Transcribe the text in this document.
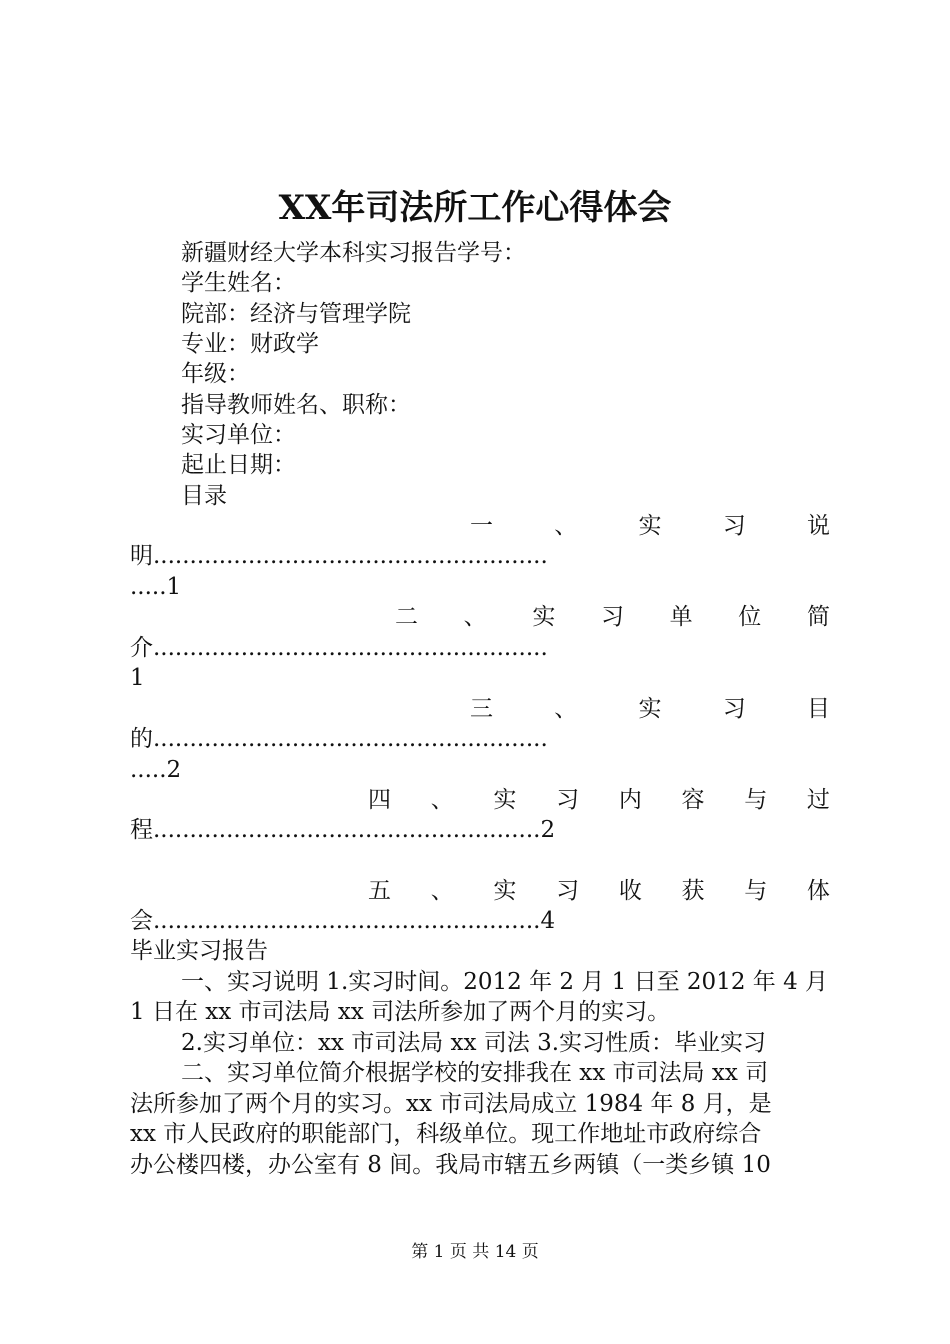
XX年司法所工作心得体会
新疆财经大学本科实习报告学号：
学生姓名：
院部：经济与管理学院
专业：财政学
年级：
指导教师姓名、职称：
实习单位：
起止日期：
目录
一	、	实	习	说
明......................................................
.....1
二 、 实 习 单 位 简
介......................................................
1
三	、	实	习	目
的......................................................
.....2
四 、 实 习 内 容 与 过
程.....................................................2
五 、 实 习 收 获 与 体
会.....................................................4
毕业实习报告
一、实习说明 1.实习时间。2012 年 2 月 1 日至 2012 年 4 月
1 日在 xx 市司法局 xx 司法所参加了两个月的实习。
2.实习单位：xx 市司法局 xx 司法 3.实习性质：毕业实习
二、实习单位简介根据学校的安排我在 xx 市司法局 xx 司
法所参加了两个月的实习。xx 市司法局成立 1984 年 8 月，是
xx 市人民政府的职能部门，科级单位。现工作地址市政府综合
办公楼四楼，办公室有 8 间。我局市辖五乡两镇（一类乡镇 10
第 1 页 共 14 页
